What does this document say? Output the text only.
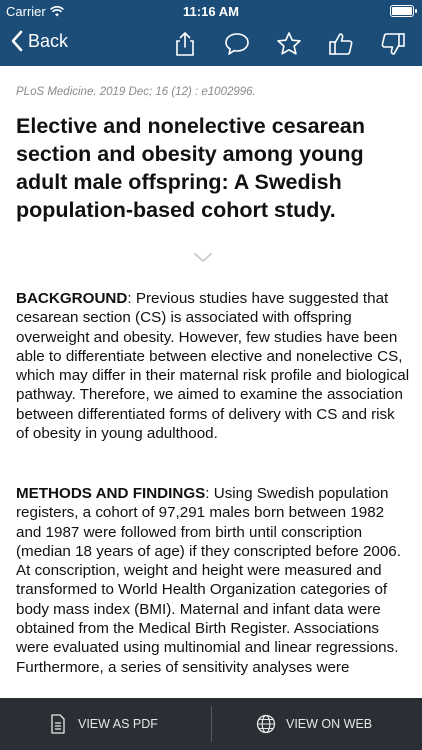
Carrier	11:16 AM
Back
PLoS Medicine. 2019 Dec; 16 (12) : e1002996.
Elective and nonelective cesarean section and obesity among young adult male offspring: A Swedish population-based cohort study.

BACKGROUND: Previous studies have suggested that cesarean section (CS) is associated with offspring overweight and obesity. However, few studies have been able to differentiate between elective and nonelective CS, which may differ in their maternal risk profile and biological pathway. Therefore, we aimed to examine the association between differentiated forms of delivery with CS and risk of obesity in young adulthood.

METHODS AND FINDINGS: Using Swedish population registers, a cohort of 97,291 males born between 1982 and 1987 were followed from birth until conscription (median 18 years of age) if they conscripted before 2006. At conscription, weight and height were measured and transformed to World Health Organization categories of body mass index (BMI). Maternal and infant data were obtained from the Medical Birth Register. Associations were evaluated using multinomial and linear regressions. Furthermore, a series of sensitivity analyses were

VIEW AS PDF	VIEW ON WEB
